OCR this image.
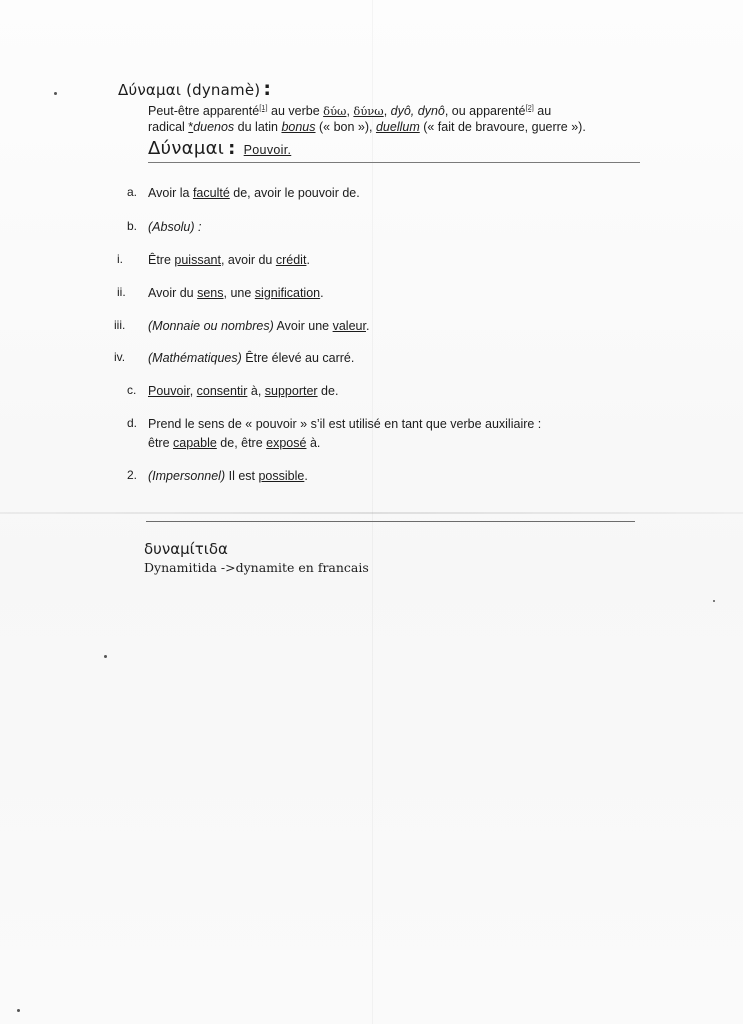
Δύναμαι (dynamè) :
Peut-être apparenté[1] au verbe δύω, δύνω, dyô, dynô, ou apparenté[2] au
radical *duenos du latin bonus (« bon »), duellum (« fait de bravoure, guerre »).
Δύναμαι : Pouvoir.
a. Avoir la faculté de, avoir le pouvoir de.
b. (Absolu) :
i. Être puissant, avoir du crédit.
ii. Avoir du sens, une signification.
iii. (Monnaie ou nombres) Avoir une valeur.
iv. (Mathématiques) Être élevé au carré.
c. Pouvoir, consentir à, supporter de.
d. Prend le sens de « pouvoir » s’il est utilisé en tant que verbe auxiliaire :
être capable de, être exposé à.
2. (Impersonnel) Il est possible.
δυναμίτιδα
Dynamitida ->dynamite en francais
